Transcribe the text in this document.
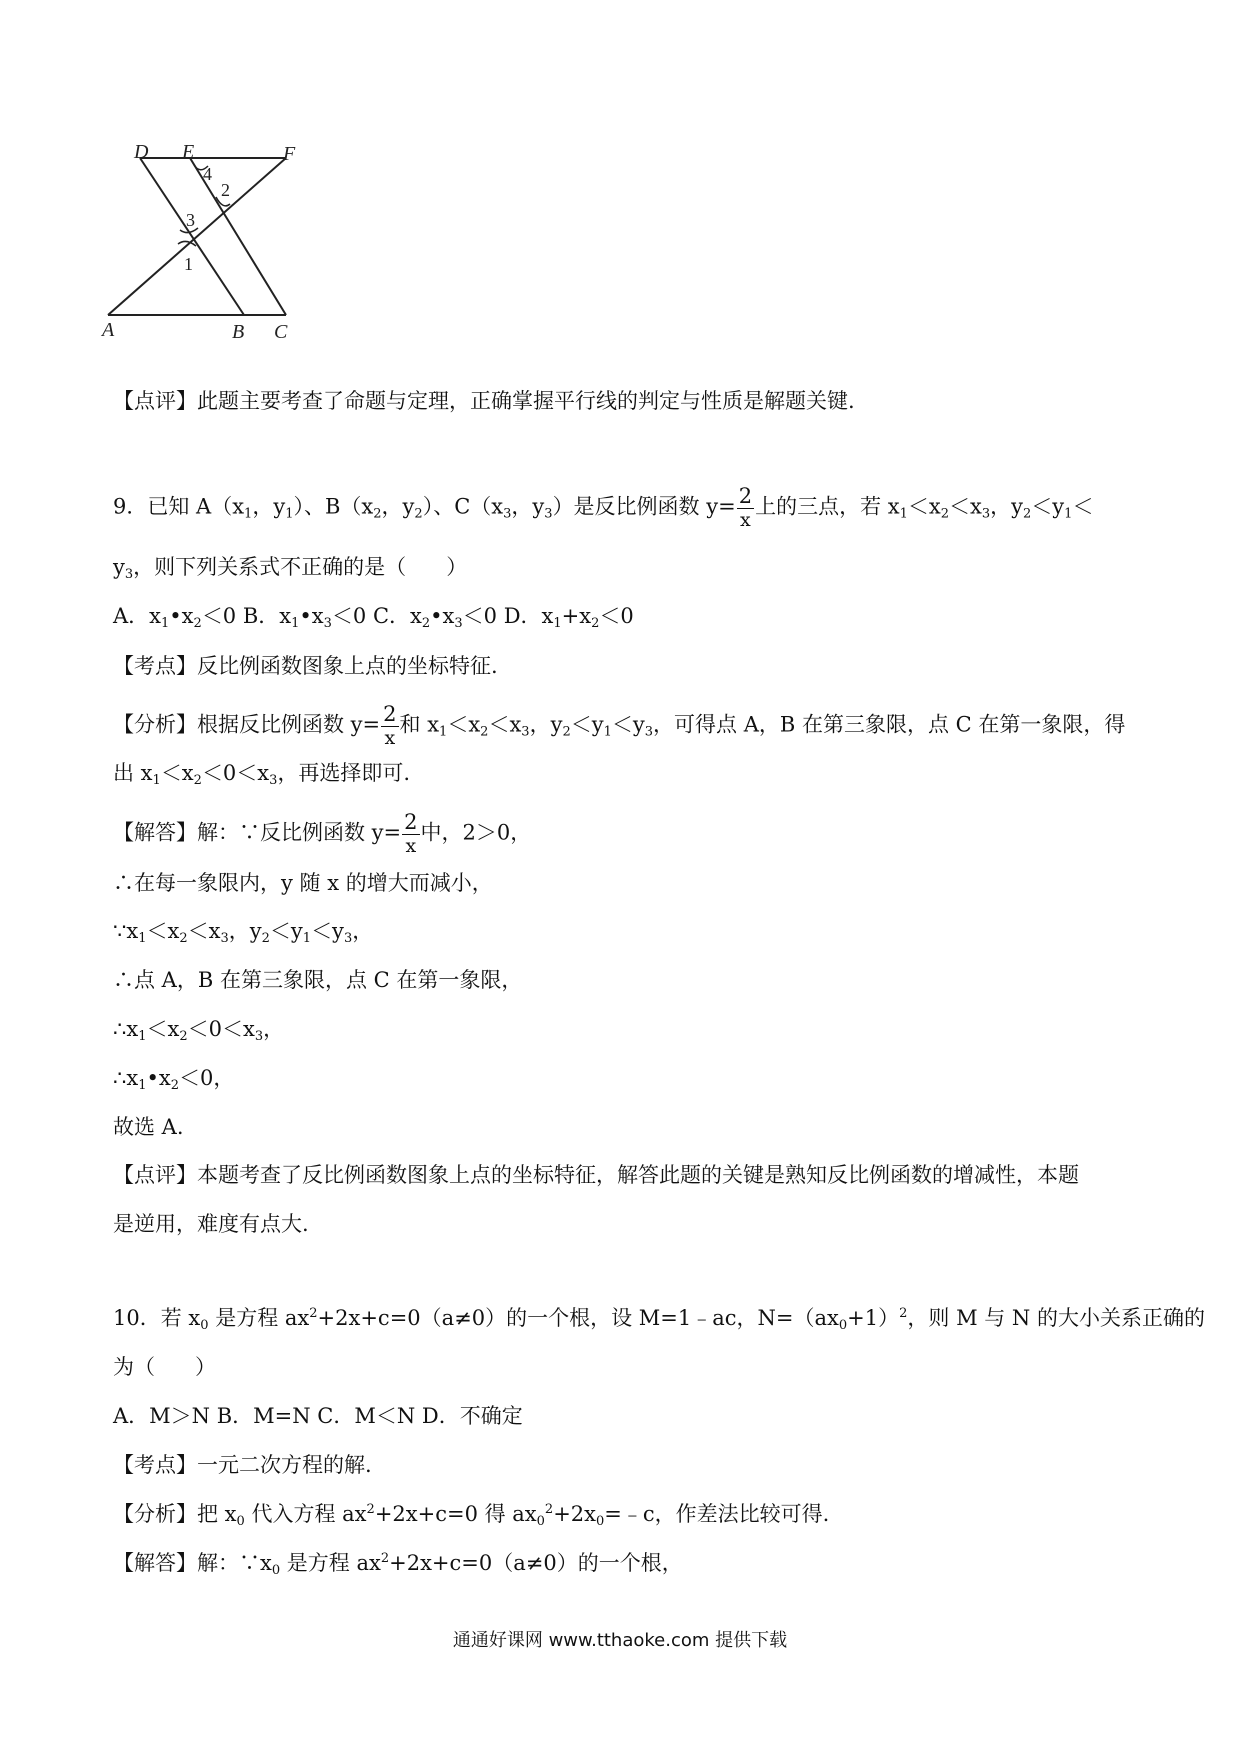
D E	F
A	B C
4
2
3
1
【点评】此题主要考查了命题与定理，正确掌握平行线的判定与性质是解题关键.
9．已知 $A(x_1$，$y_1$）、$B(x_2$，$y_2$）、$C(x_3$，$y_3$）是反比例函数 $y= \frac{2}{x}$ 上的三点，若 $x_1<x_2<x_3$，$y_2<y_1<$
$y_3$，则下列关系式不正确的是（      ）
A．$x_1•x_2<0$ B．$x_1•x_3<0$ C．$x_2•x_3<0$ D．$x_1+x_2<0$
【考点】反比例函数图象上点的坐标特征.
【分析】根据反比例函数 $y= \frac{2}{x}$ 和 $x_1<x_2<x_3$，$y_2<y_1<y_3$，可得点 A，B 在第三象限，点 C 在第一象限，得
出 $x_1<x_2<0<x_3$，再选择即可.
【解答】解：∵反比例函数 $y= \frac{2}{x}$ 中，2＞0，
∴在每一象限内，y 随 x 的增大而减小，
$\because x_1<x_2<x_3$，$y_2<y_1<y_3$，
∴点 A，B 在第三象限，点 C 在第一象限，
$\therefore x_1<x_2<0<x_3$，
$\therefore x_1•x_2<0$，
故选 A.
【点评】本题考查了反比例函数图象上点的坐标特征，解答此题的关键是熟知反比例函数的增减性，本题
是逆用，难度有点大.
10．若 $x_0$ 是方程 $ax^2+2x+c=0(a\ne 0)$的一个根，设 M=1﹣ac，$N=(ax_0+1)^2$，则 M 与 N 的大小关系正确的
为（      ）
A．M＞N B．M=N C．M＜N D．不确定
【考点】一元二次方程的解.
【分析】把 $x_0$ 代入方程 $ax^2+2x+c=0$ 得 $ax_0^2+2x_0=﹣c$，作差法比较可得.
【解答】解：$\because x_0$ 是方程 $ax^2+2x+c=0(a\ne 0)$的一个根，
通通好课网 www.tthaoke.com 提供下载
